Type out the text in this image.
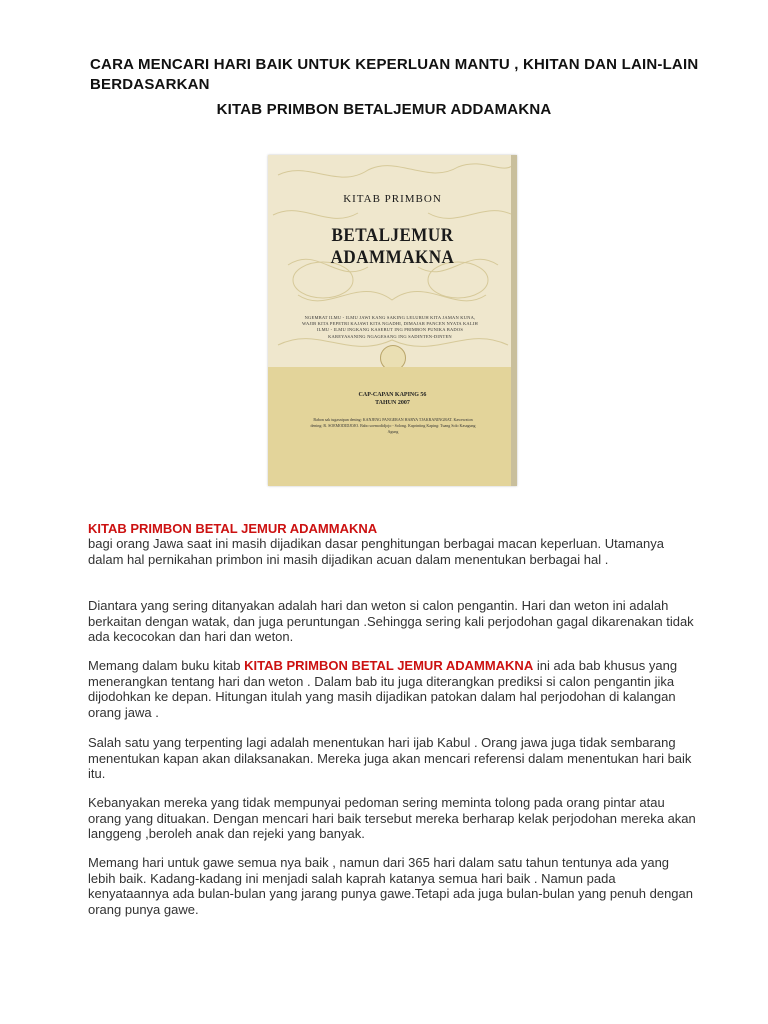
CARA MENCARI HARI BAIK UNTUK KEPERLUAN MANTU , KHITAN DAN LAIN-LAIN BERDASARKAN
KITAB PRIMBON BETALJEMUR ADDAMAKNA
KITAB PRIMBON
BETALJEMUR ADAMMAKNA
NGEMBAT ILMU - ILMU JAWI KANG SAKING LELURUH KITA JAMAN KUNA, WAJIB KITA PEPETRI KAJAWI KITA NGADHI, DIMAJAR PANCEN NYATA KALIH ILMU - ILMU INGKANG KASEBUT ING PRIMBON PUNIKA BADOS KAREYASANING NGAGESANG ING SADINTEN-DINTEN
CAP-CAPAN KAPING 56
TAHUN 2007
Babon sak tugasnipun dening: KANJENG PANGERAN HARYA TJAKRANINGRAT. Kawewaton dening: R. SOEMODIDJOJO. Babo soemodidjojo - Solong. Kaprinting Kaping: Tuang Solo Kasagung Agung
KITAB PRIMBON BETAL JEMUR ADAMMAKNA

bagi orang Jawa saat ini masih dijadikan dasar penghitungan berbagai macan keperluan. Utamanya dalam hal pernikahan primbon ini masih dijadikan acuan dalam menentukan berbagai hal .

Diantara yang sering ditanyakan adalah hari dan weton si calon pengantin. Hari dan weton ini adalah berkaitan dengan watak, dan juga peruntungan .Sehingga sering kali perjodohan gagal dikarenakan tidak ada kecocokan dan hari dan weton.

Memang dalam buku kitab KITAB PRIMBON BETAL JEMUR ADAMMAKNA ini ada bab khusus yang menerangkan tentang hari dan weton . Dalam bab itu juga diterangkan prediksi si calon pengantin jika dijodohkan ke depan. Hitungan itulah yang masih dijadikan patokan dalam hal perjodohan di kalangan orang jawa .

Salah satu yang terpenting lagi adalah menentukan hari ijab Kabul . Orang jawa juga tidak sembarang menentukan kapan akan dilaksanakan. Mereka juga akan mencari referensi dalam menentukan hari baik itu.

Kebanyakan mereka yang tidak mempunyai pedoman sering meminta tolong pada orang pintar atau orang yang dituakan. Dengan mencari hari baik tersebut mereka berharap kelak perjodohan mereka akan langgeng ,beroleh anak dan rejeki yang banyak.

Memang hari untuk gawe semua nya baik , namun dari 365 hari dalam satu tahun tentunya ada yang lebih baik. Kadang-kadang ini menjadi salah kaprah katanya semua hari baik . Namun pada kenyataannya ada bulan-bulan yang jarang punya gawe.Tetapi ada juga bulan-bulan yang penuh dengan orang punya gawe.
